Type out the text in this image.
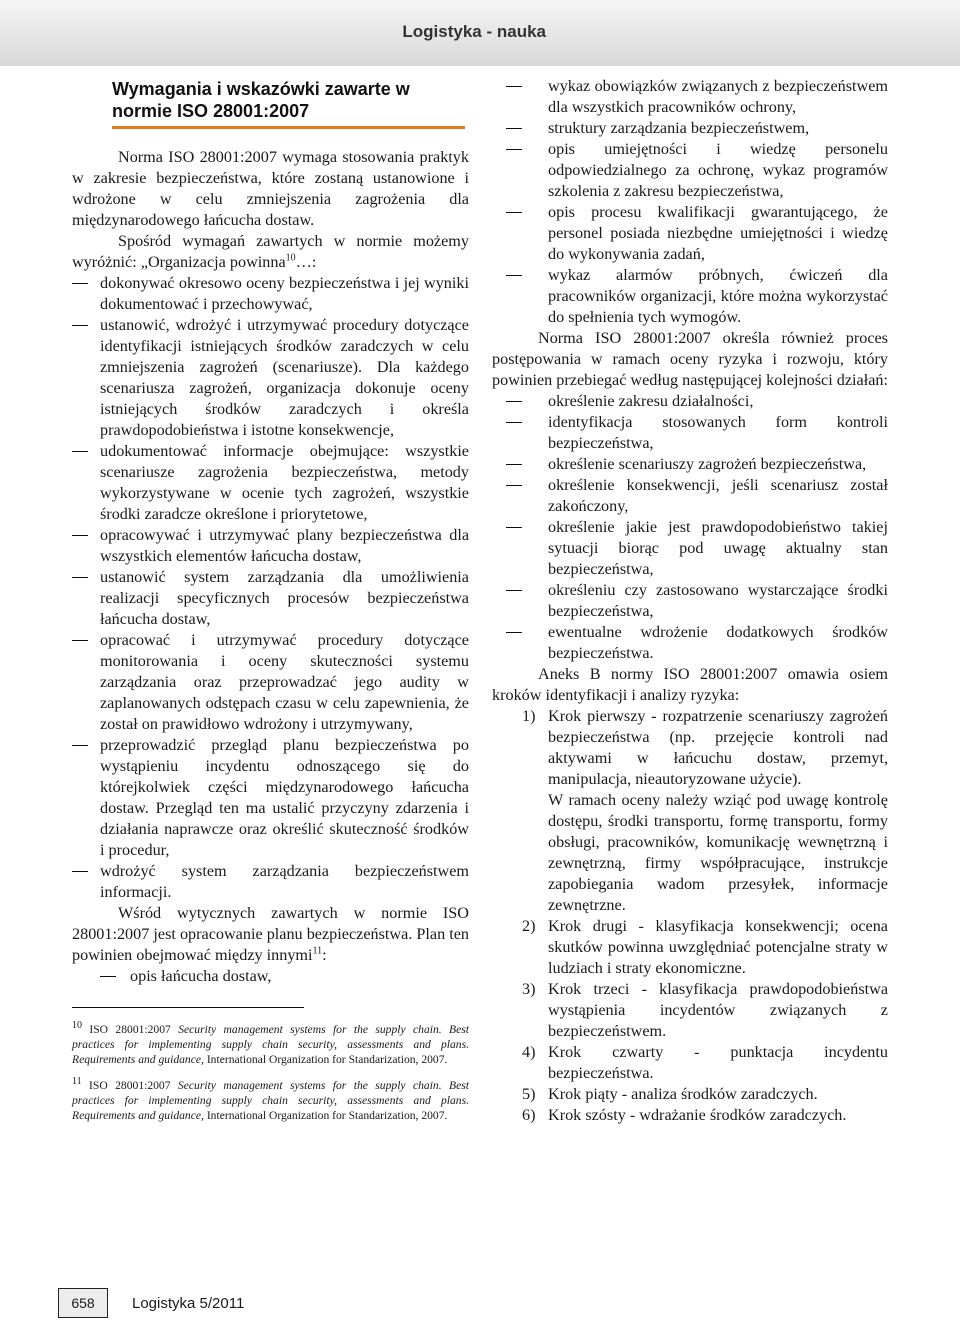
Logistyka - nauka
Wymagania i wskazówki zawarte w
normie ISO 28001:2007

Norma ISO 28001:2007 wymaga stosowania praktyk w zakresie bezpieczeństwa, które zostaną ustanowione i wdrożone w celu zmniejszenia zagrożenia dla międzynarodowego łańcucha dostaw.

Spośród wymagań zawartych w normie możemy wyróżnić: „Organizacja powinna$^{10}$…:

dokonywać okresowo oceny bezpieczeństwa i jej wyniki dokumentować i przechowywać,
ustanowić, wdrożyć i utrzymywać procedury dotyczące identyfikacji istniejących środków zaradczych w celu zmniejszenia zagrożeń (scenariusze). Dla każdego scenariusza zagrożeń, organizacja dokonuje oceny istniejących środków zaradczych i określa prawdopodobieństwa i istotne konsekwencje,
udokumentować informacje obejmujące: wszystkie scenariusze zagrożenia bezpieczeństwa, metody wykorzystywane w ocenie tych zagrożeń, wszystkie środki zaradcze określone i priorytetowe,
opracowywać i utrzymywać plany bezpieczeństwa dla wszystkich elementów łańcucha dostaw,
ustanowić system zarządzania dla umożliwienia realizacji specyficznych procesów bezpieczeństwa łańcucha dostaw,
opracować i utrzymywać procedury dotyczące monitorowania i oceny skuteczności systemu zarządzania oraz przeprowadzać jego audity w zaplanowanych odstępach czasu w celu zapewnienia, że został on prawidłowo wdrożony i utrzymywany,
przeprowadzić przegląd planu bezpieczeństwa po wystąpieniu incydentu odnoszącego się do którejkolwiek części międzynarodowego łańcucha dostaw. Przegląd ten ma ustalić przyczyny zdarzenia i działania naprawcze oraz określić skuteczność środków i procedur,
wdrożyć system zarządzania bezpieczeństwem informacji.

Wśród wytycznych zawartych w normie ISO 28001:2007 jest opracowanie planu bezpieczeństwa. Plan ten powinien obejmować między innymi$^{11}$:

opis łańcucha dostaw,
$^{10}$ ISO 28001:2007 Security management systems for the supply chain. Best practices for implementing supply chain security, assessments and plans. Requirements and guidance, International Organization for Standarization, 2007.
$^{11}$ ISO 28001:2007 Security management systems for the supply chain. Best practices for implementing supply chain security, assessments and plans. Requirements and guidance, International Organization for Standarization, 2007.
wykaz obowiązków związanych z bezpieczeństwem dla wszystkich pracowników ochrony,
struktury zarządzania bezpieczeństwem,
opis umiejętności i wiedzę personelu odpowiedzialnego za ochronę, wykaz programów szkolenia z zakresu bezpieczeństwa,
opis procesu kwalifikacji gwarantującego, że personel posiada niezbędne umiejętności i wiedzę do wykonywania zadań,
wykaz alarmów próbnych, ćwiczeń dla pracowników organizacji, które można wykorzystać do spełnienia tych wymogów.

Norma ISO 28001:2007 określa również proces postępowania w ramach oceny ryzyka i rozwoju, który powinien przebiegać według następującej kolejności działań:

określenie zakresu działalności,
identyfikacja stosowanych form kontroli bezpieczeństwa,
określenie scenariuszy zagrożeń bezpieczeństwa,
określenie konsekwencji, jeśli scenariusz został zakończony,
określenie jakie jest prawdopodobieństwo takiej sytuacji biorąc pod uwagę aktualny stan bezpieczeństwa,
określeniu czy zastosowano wystarczające środki bezpieczeństwa,
ewentualne wdrożenie dodatkowych środków bezpieczeństwa.

Aneks B normy ISO 28001:2007 omawia osiem kroków identyfikacji i analizy ryzyka:

1) Krok pierwszy - rozpatrzenie scenariuszy zagrożeń bezpieczeństwa (np. przejęcie kontroli nad aktywami w łańcuchu dostaw, przemyt, manipulacja, nieautoryzowane użycie).

W ramach oceny należy wziąć pod uwagę kontrolę dostępu, środki transportu, formę transportu, formy obsługi, pracowników, komunikację wewnętrzną i zewnętrzną, firmy współpracujące, instrukcje zapobiegania wadom przesyłek, informacje zewnętrzne.

2) Krok drugi - klasyfikacja konsekwencji; ocena skutków powinna uwzględniać potencjalne straty w ludziach i straty ekonomiczne.

3) Krok trzeci - klasyfikacja prawdopodobieństwa wystąpienia incydentów związanych z bezpieczeństwem.

4) Krok czwarty - punktacja incydentu bezpieczeństwa.

5) Krok piąty - analiza środków zaradczych.

6) Krok szósty - wdrażanie środków zaradczych.

658	Logistyka 5/2011
